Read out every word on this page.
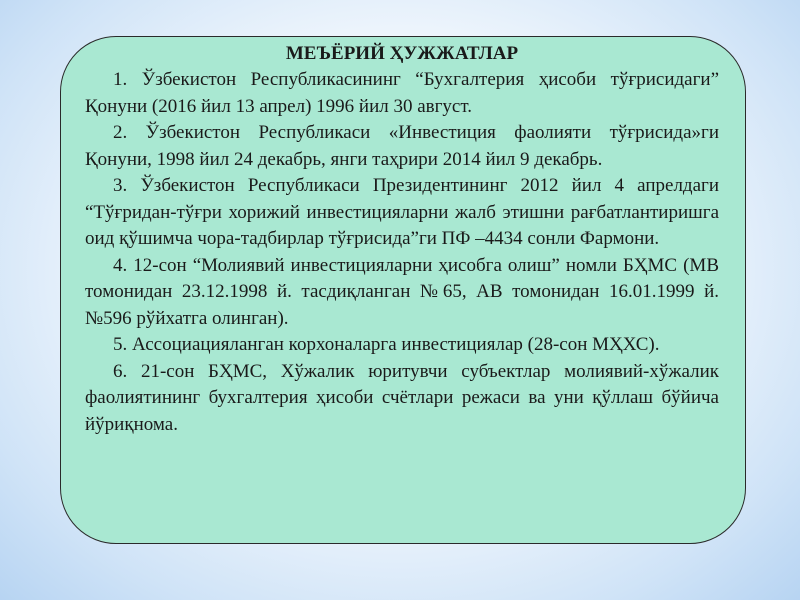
МЕЪЁРИЙ ҲУЖЖАТЛАР

1. Ўзбекистон Республикасининг “Бухгалтерия ҳисоби тўғрисидаги” Қонуни (2016 йил 13 апрел) 1996 йил 30 август.

2. Ўзбекистон Республикаси «Инвестиция фаолияти тўғрисида»ги Қонуни, 1998 йил 24 декабрь, янги таҳрири 2014 йил 9 декабрь.

3. Ўзбекистон Республикаси Президентининг 2012 йил 4 апрелдаги “Тўғридан-тўғри хорижий инвестицияларни жалб этишни рағбатлантиришга оид қўшимча чора-тадбирлар тўғрисида”ги ПФ –4434 сонли Фармони.

4. 12-сон “Молиявий инвестицияларни ҳисобга олиш” номли БҲМС (МВ томонидан 23.12.1998 й. тасдиқланган №65, АВ томонидан 16.01.1999 й. №596 рўйхатга олинган).

5. Ассоциацияланган корхоналарга инвестициялар (28-сон МҲХС).

6. 21-сон БҲМС, Хўжалик юритувчи субъектлар молиявий-хўжалик фаолиятининг бухгалтерия ҳисоби счётлари режаси ва уни қўллаш бўйича йўриқнома.
